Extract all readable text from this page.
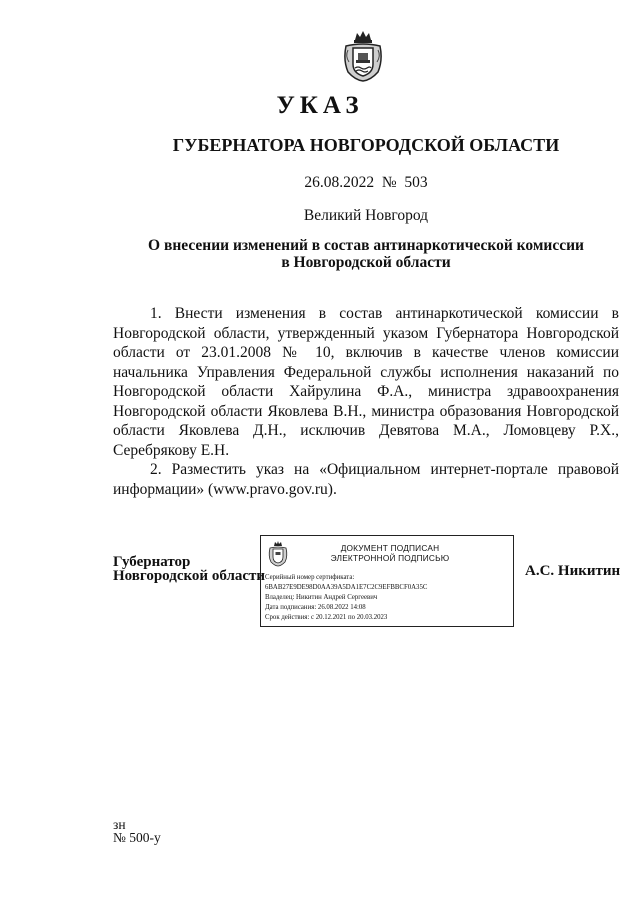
УКАЗ
ГУБЕРНАТОРА НОВГОРОДСКОЙ ОБЛАСТИ
26.08.2022  №  503
Великий Новгород
О внесении изменений в состав антинаркотической комиссии
в Новгородской области

1. Внести изменения в состав антинаркотической комиссии в Новгородской области, утвержденный указом Губернатора Новгородской области от 23.01.2008 № 10, включив в качестве членов комиссии начальника Управления Федеральной службы исполнения наказаний по Новгородской области Хайрулина Ф.А., министра здравоохранения Новгородской области Яковлева В.Н., министра образования Новгородской области Яковлева Д.Н., исключив Девятова М.А., Ломовцеву Р.Х., Серебрякову Е.Н.

2. Разместить указ на «Официальном интернет-портале правовой информации» (www.pravo.gov.ru).

Губернатор
Новгородской области
ДОКУМЕНТ ПОДПИСАН
ЭЛЕКТРОННОЙ ПОДПИСЬЮ
Серийный номер сертификата:
6BAB27E9DE98D0AA39A5DA1E7C2C9EFBBCF0A35C
Владелец: Никитин Андрей Сергеевич
Дата подписания: 26.08.2022 14:08
Срок действия: с 20.12.2021 по 20.03.2023
А.С. Никитин
зн
№ 500-у
